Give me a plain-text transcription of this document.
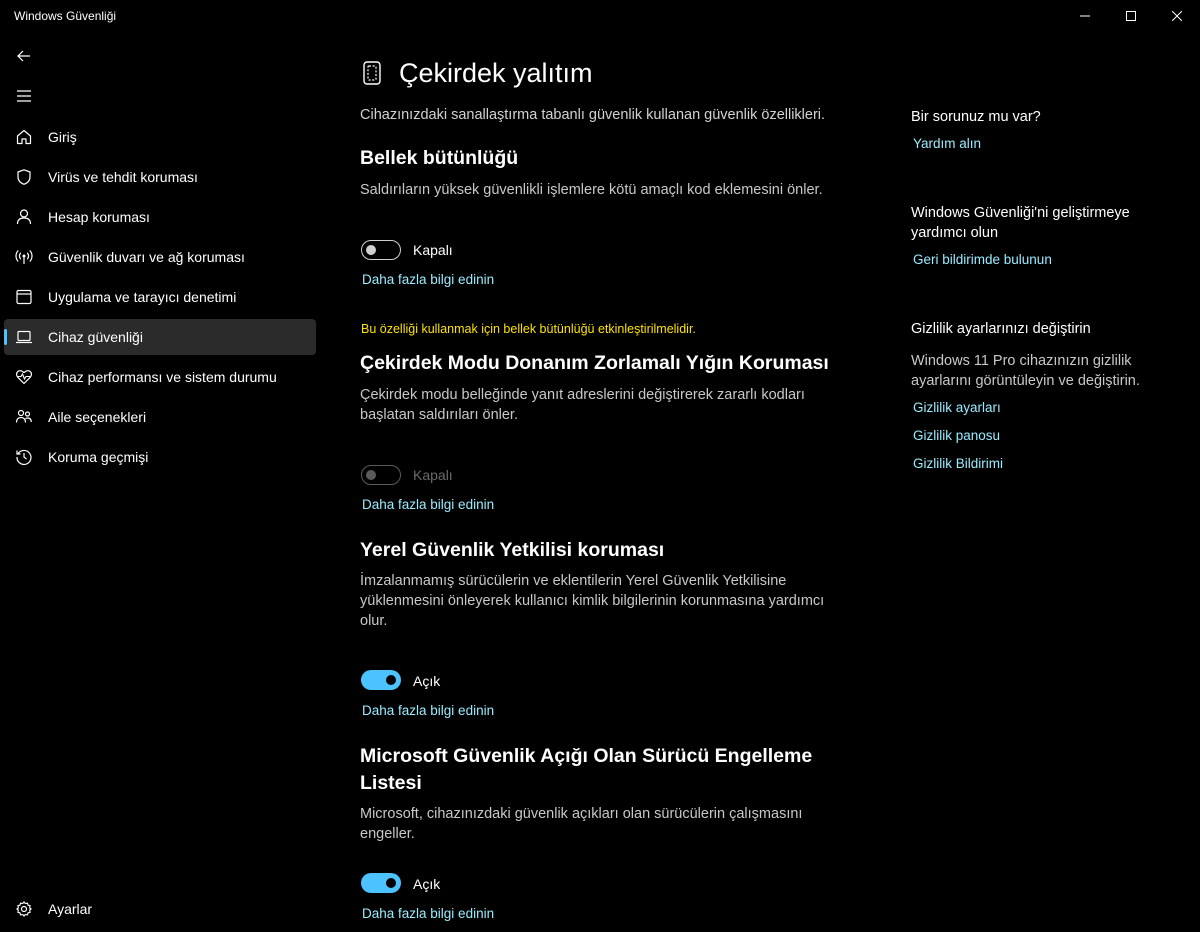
Windows Güvenliği
Giriş
Virüs ve tehdit koruması
Hesap koruması
Güvenlik duvarı ve ağ koruması
Uygulama ve tarayıcı denetimi
Cihaz güvenliği
Cihaz performansı ve sistem durumu
Aile seçenekleri
Koruma geçmişi
Ayarlar
Çekirdek yalıtım
Cihazınızdaki sanallaştırma tabanlı güvenlik kullanan güvenlik özellikleri.
Bellek bütünlüğü
Saldırıların yüksek güvenlikli işlemlere kötü amaçlı kod eklemesini önler.
Kapalı
Daha fazla bilgi edinin
Bu özelliği kullanmak için bellek bütünlüğü etkinleştirilmelidir.
Çekirdek Modu Donanım Zorlamalı Yığın Koruması
Çekirdek modu belleğinde yanıt adreslerini değiştirerek zararlı kodları başlatan saldırıları önler.
Kapalı
Daha fazla bilgi edinin
Yerel Güvenlik Yetkilisi koruması
İmzalanmamış sürücülerin ve eklentilerin Yerel Güvenlik Yetkilisine yüklenmesini önleyerek kullanıcı kimlik bilgilerinin korunmasına yardımcı olur.
Açık
Daha fazla bilgi edinin
Microsoft Güvenlik Açığı Olan Sürücü Engelleme Listesi
Microsoft, cihazınızdaki güvenlik açıkları olan sürücülerin çalışmasını engeller.
Açık
Daha fazla bilgi edinin
Bir sorunuz mu var?
Yardım alın
Windows Güvenliği'ni geliştirmeye yardımcı olun
Geri bildirimde bulunun
Gizlilik ayarlarınızı değiştirin
Windows 11 Pro cihazınızın gizlilik ayarlarını görüntüleyin ve değiştirin.
Gizlilik ayarları
Gizlilik panosu
Gizlilik Bildirimi
